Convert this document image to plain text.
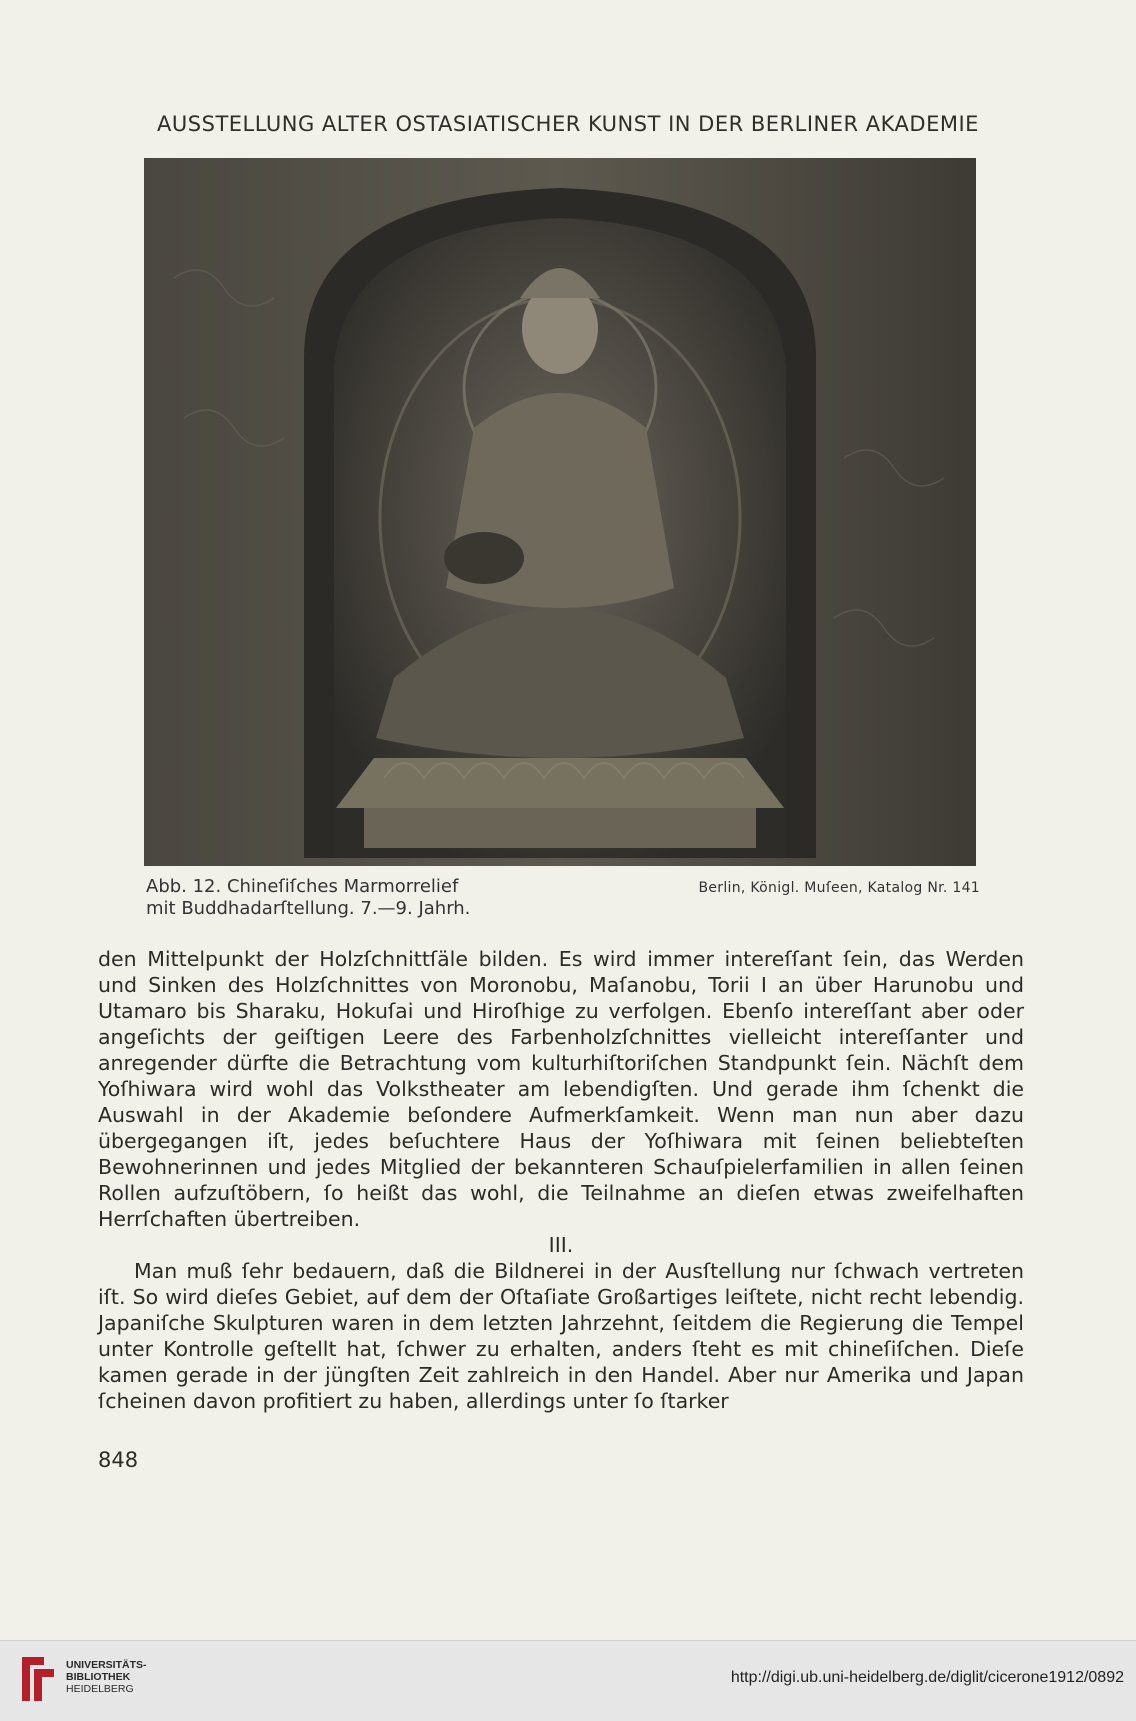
AUSSTELLUNG ALTER OSTASIATISCHER KUNST IN DER BERLINER AKADEMIE
Abb. 12. Chineſiſches Marmorrelief
mit Buddhadarſtellung. 7.—9. Jahrh.
Berlin, Königl. Muſeen, Katalog Nr. 141

den Mittelpunkt der Holzſchnittſäle bilden. Es wird immer intereſſant ſein, das Werden und Sinken des Holzſchnittes von Moronobu, Maſanobu, Torii I an über Harunobu und Utamaro bis Sharaku, Hokuſai und Hiroſhige zu verfolgen. Ebenſo intereſſant aber oder angeſichts der geiſtigen Leere des Farbenholzſchnittes vielleicht intereſſanter und anregender dürfte die Betrachtung vom kulturhiſtoriſchen Standpunkt ſein. Nächſt dem Yoſhiwara wird wohl das Volkstheater am lebendigſten. Und gerade ihm ſchenkt die Auswahl in der Akademie beſondere Aufmerkſamkeit. Wenn man nun aber dazu übergegangen iſt, jedes beſuchtere Haus der Yoſhiwara mit ſeinen beliebteſten Bewohnerinnen und jedes Mitglied der bekannteren Schauſpielerfamilien in allen ſeinen Rollen aufzuſtöbern, ſo heißt das wohl, die Teilnahme an dieſen etwas zweifelhaften Herrſchaften übertreiben.

III.

Man muß ſehr bedauern, daß die Bildnerei in der Ausſtellung nur ſchwach vertreten iſt. So wird dieſes Gebiet, auf dem der Oſtaſiate Großartiges leiſtete, nicht recht lebendig. Japaniſche Skulpturen waren in dem letzten Jahrzehnt, ſeitdem die Regierung die Tempel unter Kontrolle geſtellt hat, ſchwer zu erhalten, anders ſteht es mit chineſiſchen. Dieſe kamen gerade in der jüngſten Zeit zahlreich in den Handel. Aber nur Amerika und Japan ſcheinen davon profitiert zu haben, allerdings unter ſo ſtarker

848
UNIVERSITÄTS-
BIBLIOTHEK
HEIDELBERG
http://digi.ub.uni-heidelberg.de/diglit/cicerone1912/0892
